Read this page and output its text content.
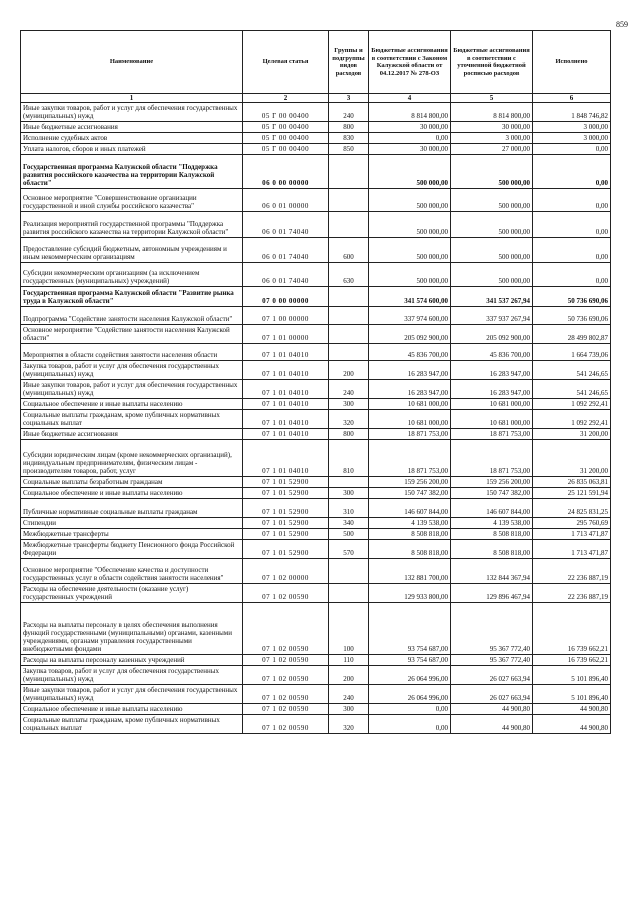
859
Наименование	Целевая статья	Группы и подгруппы видов расходов	Бюджетные ассигнования в соответствии с Законом Калужской области от 04.12.2017 № 278-ОЗ	Бюджетные ассигнования в соответствии с уточненной бюджетной росписью расходов	Исполнено
1	2	3	4	5	6
Иные закупки товаров, работ и услуг для обеспечения государственных (муниципальных) нужд	05 Г 00 00400	240	8 814 800,00	8 814 800,00	1 848 746,82
Иные бюджетные ассигнования	05 Г 00 00400	800	30 000,00	30 000,00	3 000,00
Исполнение судебных актов	05 Г 00 00400	830	0,00	3 000,00	3 000,00
Уплата налогов, сборов и иных платежей	05 Г 00 00400	850	30 000,00	27 000,00	0,00
Государственная программа Калужской области "Поддержка развития российского казачества на территории Калужской области"	06 0 00 00000		500 000,00	500 000,00	0,00
Основное мероприятие "Совершенствование организации государственной и иной службы российского казачества"	06 0 01 00000		500 000,00	500 000,00	0,00
Реализация мероприятий государственной программы "Поддержка развития российского казачества на территории Калужской области"	06 0 01 74040		500 000,00	500 000,00	0,00
Предоставление субсидий бюджетным, автономным учреждениям и иным некоммерческим организациям	06 0 01 74040	600	500 000,00	500 000,00	0,00
Субсидии некоммерческим организациям (за исключением государственных (муниципальных) учреждений)	06 0 01 74040	630	500 000,00	500 000,00	0,00
Государственная программа Калужской области "Развитие рынка труда в Калужской области"	07 0 00 00000		341 574 600,00	341 537 267,94	50 736 690,06
Подпрограмма "Содействие занятости населения Калужской области"	07 1 00 00000		337 974 600,00	337 937 267,94	50 736 690,06
Основное мероприятие "Содействие занятости населения Калужской области"	07 1 01 00000		205 092 900,00	205 092 900,00	28 499 802,87
Мероприятия в области содействия занятости населения области	07 1 01 04010		45 836 700,00	45 836 700,00	1 664 739,06
Закупка товаров, работ и услуг для обеспечения государственных (муниципальных) нужд	07 1 01 04010	200	16 283 947,00	16 283 947,00	541 246,65
Иные закупки товаров, работ и услуг для обеспечения государственных (муниципальных) нужд	07 1 01 04010	240	16 283 947,00	16 283 947,00	541 246,65
Социальное обеспечение и иные выплаты населению	07 1 01 04010	300	10 681 000,00	10 681 000,00	1 092 292,41
Социальные выплаты гражданам, кроме публичных нормативных социальных выплат	07 1 01 04010	320	10 681 000,00	10 681 000,00	1 092 292,41
Иные бюджетные ассигнования	07 1 01 04010	800	18 871 753,00	18 871 753,00	31 200,00
Субсидии юридическим лицам (кроме некоммерческих организаций), индивидуальным предпринимателям, физическим лицам - производителям товаров, работ, услуг	07 1 01 04010	810	18 871 753,00	18 871 753,00	31 200,00
Социальные выплаты безработным гражданам	07 1 01 52900		159 256 200,00	159 256 200,00	26 835 063,81
Социальное обеспечение и иные выплаты населению	07 1 01 52900	300	150 747 382,00	150 747 382,00	25 121 591,94
Публичные нормативные социальные выплаты гражданам	07 1 01 52900	310	146 607 844,00	146 607 844,00	24 825 831,25
Стипендии	07 1 01 52900	340	4 139 538,00	4 139 538,00	295 760,69
Межбюджетные трансферты	07 1 01 52900	500	8 508 818,00	8 508 818,00	1 713 471,87
Межбюджетные трансферты бюджету Пенсионного фонда Российской Федерации	07 1 01 52900	570	8 508 818,00	8 508 818,00	1 713 471,87
Основное мероприятие "Обеспечение качества и доступности государственных услуг в области содействия занятости населения"	07 1 02 00000		132 881 700,00	132 844 367,94	22 236 887,19
Расходы на обеспечение деятельности (оказание услуг) государственных учреждений	07 1 02 00590		129 933 800,00	129 896 467,94	22 236 887,19
Расходы на выплаты персоналу в целях обеспечения выполнения функций государственными (муниципальными) органами, казенными учреждениями, органами управления государственными внебюджетными фондами	07 1 02 00590	100	93 754 687,00	95 367 772,40	16 739 662,21
Расходы на выплаты персоналу казенных учреждений	07 1 02 00590	110	93 754 687,00	95 367 772,40	16 739 662,21
Закупка товаров, работ и услуг для обеспечения государственных (муниципальных) нужд	07 1 02 00590	200	26 064 996,00	26 027 663,94	5 101 896,40
Иные закупки товаров, работ и услуг для обеспечения государственных (муниципальных) нужд	07 1 02 00590	240	26 064 996,00	26 027 663,94	5 101 896,40
Социальное обеспечение и иные выплаты населению	07 1 02 00590	300	0,00	44 900,80	44 900,80
Социальные выплаты гражданам, кроме публичных нормативных социальных выплат	07 1 02 00590	320	0,00	44 900,80	44 900,80
